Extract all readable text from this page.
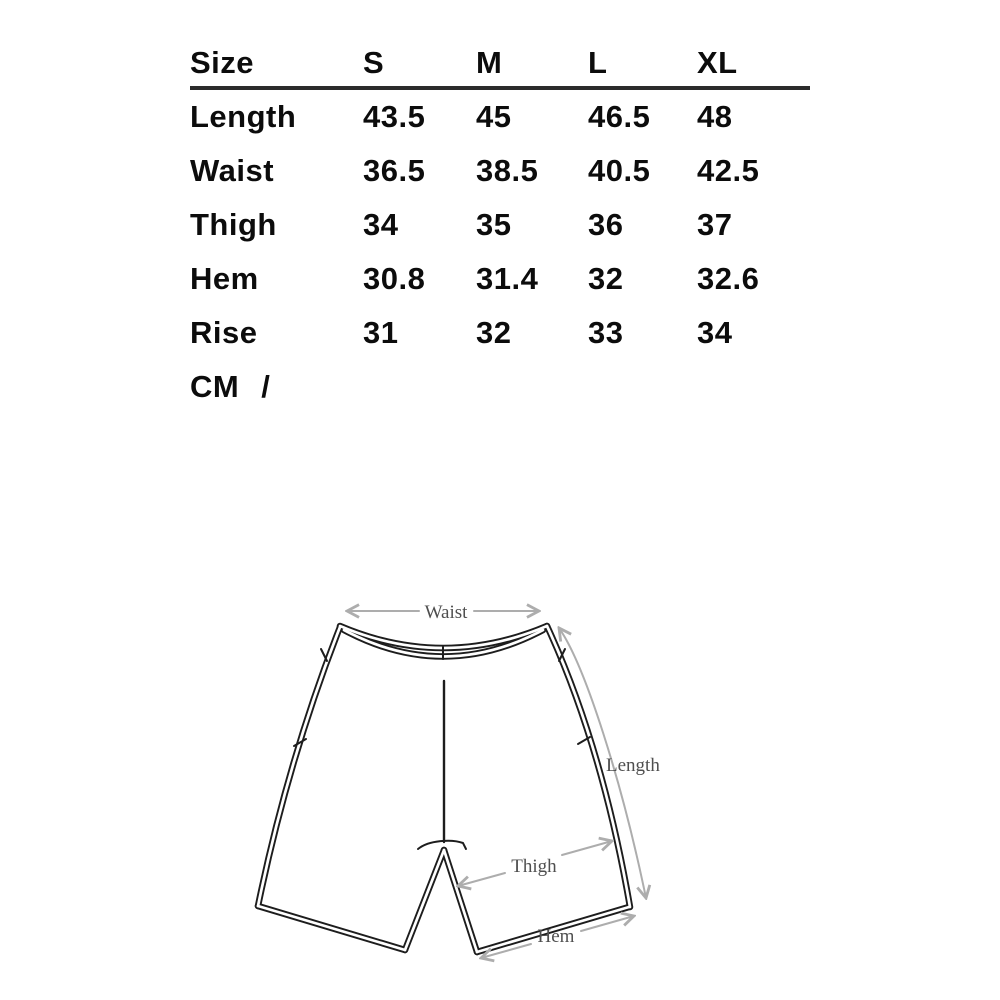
Size	S	M	L	XL
Length	43.5	45	46.5	48
Waist	36.5	38.5	40.5	42.5
Thigh	34	35	36	37
Hem	30.8	31.4	32	32.6
Rise	31	32	33	34
CM /
Waist
Length
Thigh
Hem
